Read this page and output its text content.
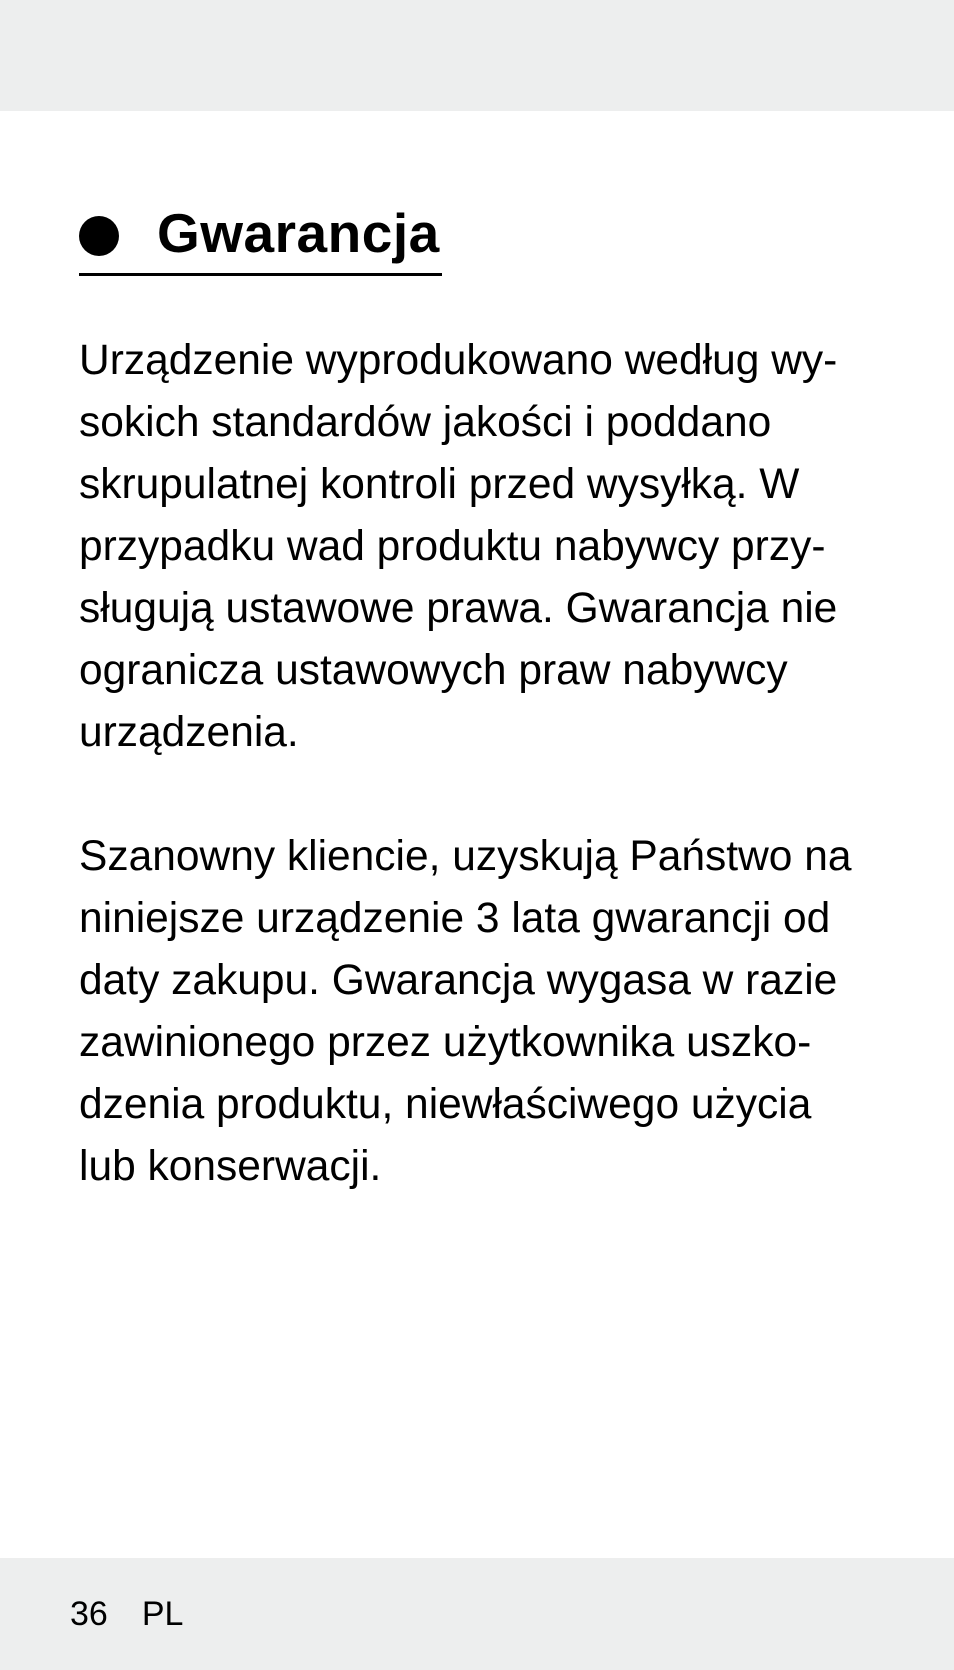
Gwarancja

Urządzenie wyprodukowano według wy-
sokich standardów jakości i poddano
skrupulatnej kontroli przed wysyłką. W
przypadku wad produktu nabywcy przy-
sługują ustawowe prawa. Gwarancja nie
ogranicza ustawowych praw nabywcy
urządzenia.

Szanowny kliencie, uzyskują Państwo na
niniejsze urządzenie 3 lata gwarancji od
daty zakupu. Gwarancja wygasa w razie
zawinionego przez użytkownika uszko-
dzenia produktu, niewłaściwego użycia
lub konserwacji.

36 PL
